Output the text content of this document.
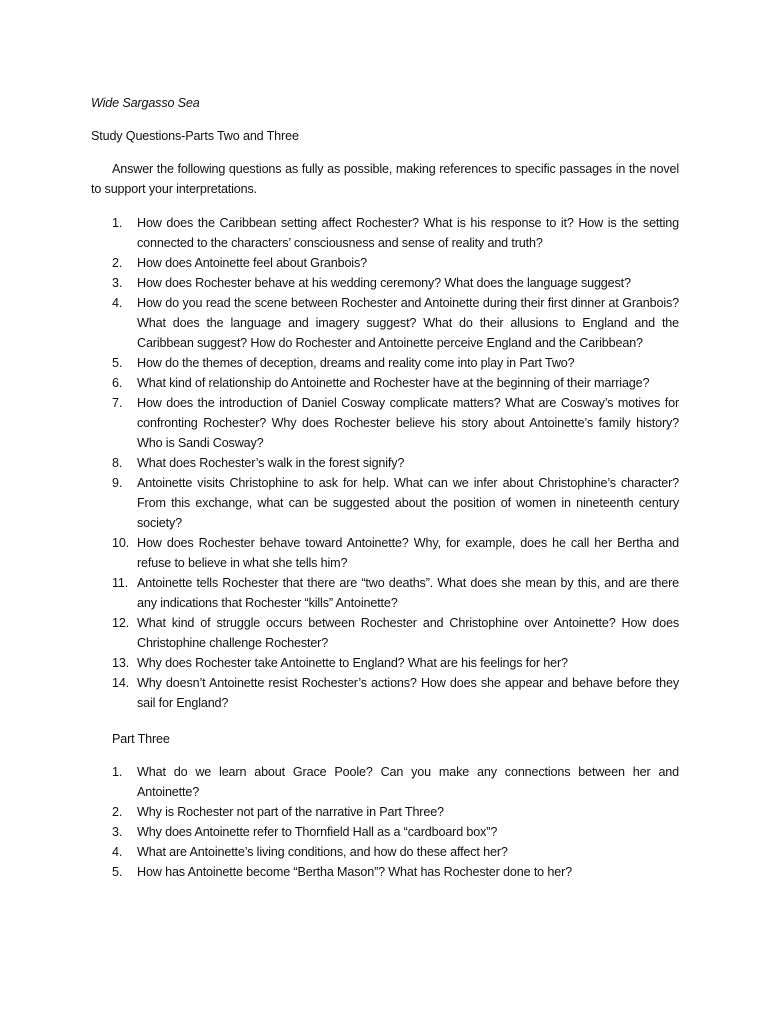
Wide Sargasso Sea

Study Questions-Parts Two and Three

Answer the following questions as fully as possible, making references to specific passages in the novel to support your interpretations.

1. How does the Caribbean setting affect Rochester? What is his response to it? How is the setting connected to the characters’ consciousness and sense of reality and truth?
2. How does Antoinette feel about Granbois?
3. How does Rochester behave at his wedding ceremony? What does the language suggest?
4. How do you read the scene between Rochester and Antoinette during their first dinner at Granbois? What does the language and imagery suggest? What do their allusions to England and the Caribbean suggest? How do Rochester and Antoinette perceive England and the Caribbean?
5. How do the themes of deception, dreams and reality come into play in Part Two?
6. What kind of relationship do Antoinette and Rochester have at the beginning of their marriage?
7. How does the introduction of Daniel Cosway complicate matters? What are Cosway’s motives for confronting Rochester? Why does Rochester believe his story about Antoinette’s family history? Who is Sandi Cosway?
8. What does Rochester’s walk in the forest signify?
9. Antoinette visits Christophine to ask for help. What can we infer about Christophine’s character? From this exchange, what can be suggested about the position of women in nineteenth century society?
10. How does Rochester behave toward Antoinette? Why, for example, does he call her Bertha and refuse to believe in what she tells him?
11. Antoinette tells Rochester that there are “two deaths”. What does she mean by this, and are there any indications that Rochester “kills” Antoinette?
12. What kind of struggle occurs between Rochester and Christophine over Antoinette? How does Christophine challenge Rochester?
13. Why does Rochester take Antoinette to England? What are his feelings for her?
14. Why doesn’t Antoinette resist Rochester’s actions? How does she appear and behave before they sail for England?

Part Three

1. What do we learn about Grace Poole? Can you make any connections between her and Antoinette?
2. Why is Rochester not part of the narrative in Part Three?
3. Why does Antoinette refer to Thornfield Hall as a “cardboard box”?
4. What are Antoinette’s living conditions, and how do these affect her?
5. How has Antoinette become “Bertha Mason”? What has Rochester done to her?
